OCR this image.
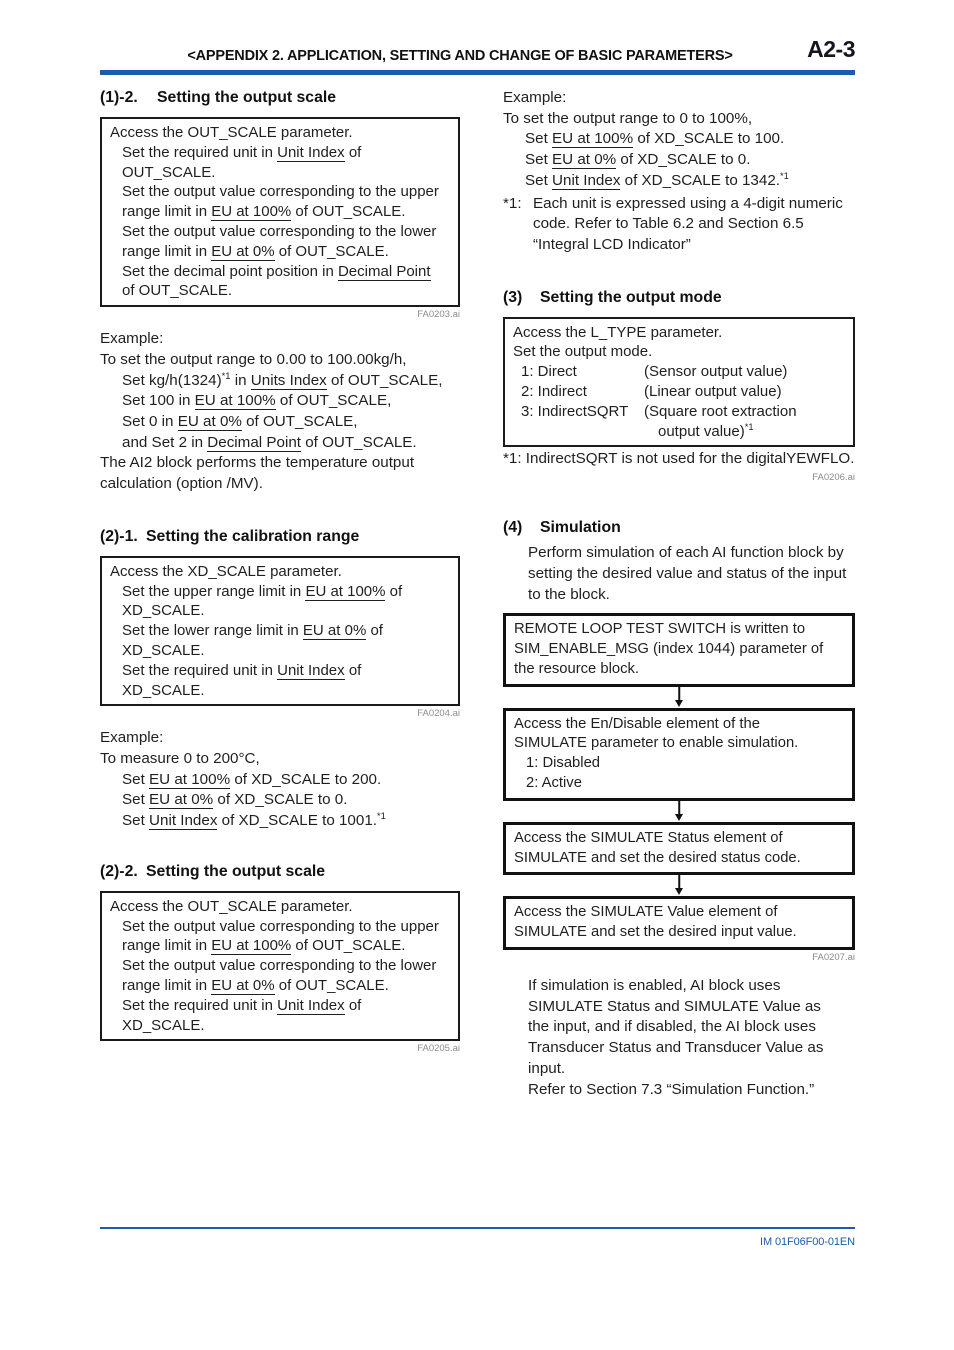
<APPENDIX 2. APPLICATION, SETTING AND CHANGE OF BASIC PARAMETERS>	A2-3
(1)-2.	Setting the output scale
Access the OUT_SCALE parameter.
Set the required unit in Unit Index of
OUT_SCALE.
Set the output value corresponding to the upper
range limit in EU at 100% of OUT_SCALE.
Set the output value corresponding to the lower
range limit in EU at 0% of OUT_SCALE.
Set the decimal point position in Decimal Point
of OUT_SCALE.
FA0203.ai
Example:
To set the output range to 0.00 to 100.00kg/h,
Set $kg/h(1324)^{*1}$ in Units Index of OUT_SCALE,
Set 100 in EU at 100% of OUT_SCALE,
Set 0 in EU at 0% of OUT_SCALE,
and Set 2 in Decimal Point of OUT_SCALE.
The AI2 block performs the temperature output
calculation (option /MV).
(2)-1. Setting the calibration range
Access the XD_SCALE parameter.
Set the upper range limit in EU at 100% of
XD_SCALE.
Set the lower range limit in EU at 0% of
XD_SCALE.
Set the required unit in Unit Index of
XD_SCALE.
FA0204.ai
Example:
To measure 0 to 200°C,
Set EU at 100% of XD_SCALE to 200.
Set EU at 0% of XD_SCALE to 0.
Set Unit Index of XD_SCALE to 1001.$^{*1}$
(2)-2. Setting the output scale
Access the OUT_SCALE parameter.
Set the output value corresponding to the upper
range limit in EU at 100% of OUT_SCALE.
Set the output value corresponding to the lower
range limit in EU at 0% of OUT_SCALE.
Set the required unit in Unit Index of
XD_SCALE.
FA0205.ai
Example:
To set the output range to 0 to 100%,
Set EU at 100% of XD_SCALE to 100.
Set EU at 0% of XD_SCALE to 0.
Set Unit Index of XD_SCALE to 1342.$^{*1}$
*1: Each unit is expressed using a 4-digit numeric
code. Refer to Table 6.2 and Section 6.5
“Integral LCD Indicator”
(3)	Setting the output mode
Access the L_TYPE parameter.
Set the output mode.
1: Direct	(Sensor output value)
2: Indirect	(Linear output value)
3: IndirectSQRT (Square root extraction
output value)$^{*1}$
*1: IndirectSQRT is not used for the digitalYEWFLO.
FA0206.ai
(4)	Simulation
Perform simulation of each AI function block by
setting the desired value and status of the input
to the block.
REMOTE LOOP TEST SWITCH is written to
SIM_ENABLE_MSG (index 1044) parameter of
the resource block.
Access the En/Disable element of the
SIMULATE parameter to enable simulation.
1: Disabled
2: Active
Access the SIMULATE Status element of
SIMULATE and set the desired status code.
Access the SIMULATE Value element of
SIMULATE and set the desired input value.
FA0207.ai
If simulation is enabled, AI block uses
SIMULATE Status and SIMULATE Value as
the input, and if disabled, the AI block uses
Transducer Status and Transducer Value as
input.
Refer to Section 7.3 “Simulation Function.”
IM 01F06F00-01EN
